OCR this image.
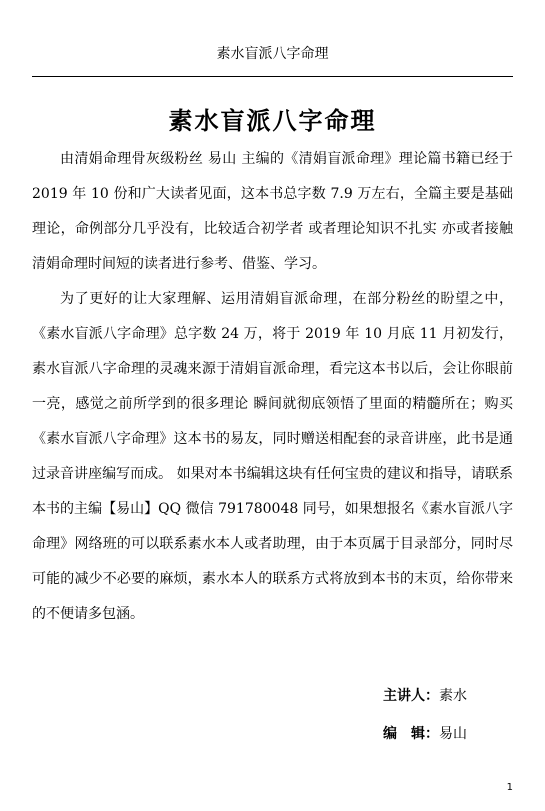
素水盲派八字命理
素水盲派八字命理

由清娟命理骨灰级粉丝 易山 主编的《清娟盲派命理》理论篇书籍已经于 2019 年 10 份和广大读者见面，这本书总字数 7.9 万左右，全篇主要是基础理论，命例部分几乎没有，比较适合初学者 或者理论知识不扎实 亦或者接触清娟命理时间短的读者进行参考、借鉴、学习。

为了更好的让大家理解、运用清娟盲派命理，在部分粉丝的盼望之中，《素水盲派八字命理》总字数 24 万，将于 2019 年 10 月底 11 月初发行，素水盲派八字命理的灵魂来源于清娟盲派命理，看完这本书以后，会让你眼前一亮，感觉之前所学到的很多理论 瞬间就彻底领悟了里面的精髓所在；购买《素水盲派八字命理》这本书的易友，同时赠送相配套的录音讲座，此书是通过录音讲座编写而成。 如果对本书编辑这块有任何宝贵的建议和指导，请联系本书的主编【易山】QQ 微信 791780048 同号，如果想报名《素水盲派八字命理》网络班的可以联系素水本人或者助理，由于本页属于目录部分，同时尽可能的减少不必要的麻烦，素水本人的联系方式将放到本书的末页，给你带来的不便请多包涵。

主讲人：素水
编　辑：易山
1
